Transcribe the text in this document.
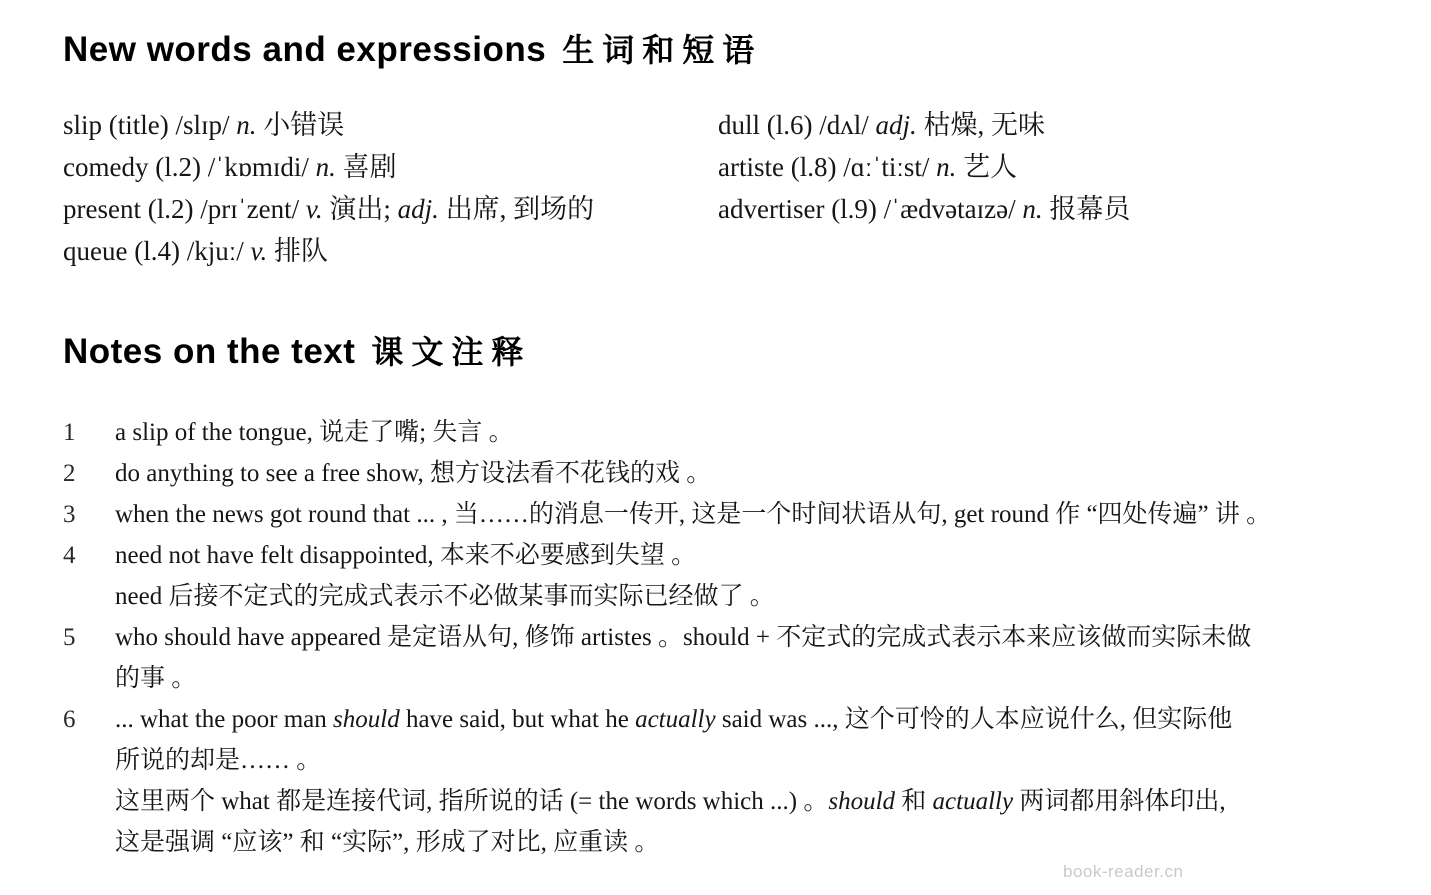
New words and expressions 生词和短语

slip (title) /slɪp/ n. 小错误

comedy (l.2) /ˈkɒmɪdi/ n. 喜剧

present (l.2) /prɪˈzent/ v. 演出; adj. 出席, 到场的

queue (l.4) /kjuː/ v. 排队

dull (l.6) /dʌl/ adj. 枯燥, 无味

artiste (l.8) /ɑːˈtiːst/ n. 艺人

advertiser (l.9) /ˈædvətaɪzə/ n. 报幕员

Notes on the text 课文注释
1	a slip of the tongue, 说走了嘴; 失言 。

2	do anything to see a free show, 想方设法看不花钱的戏 。

3	when the news got round that ... , 当……的消息一传开, 这是一个时间状语从句, get round 作 “四处传遍” 讲 。

4	need not have felt disappointed, 本来不必要感到失望 。

need 后接不定式的完成式表示不必做某事而实际已经做了 。

5	who should have appeared 是定语从句, 修饰 artistes 。should + 不定式的完成式表示本来应该做而实际未做

的事 。

6	... what the poor man should have said, but what he actually said was ..., 这个可怜的人本应说什么, 但实际他

所说的却是…… 。

这里两个 what 都是连接代词, 指所说的话 (= the words which ...) 。should 和 actually 两词都用斜体印出,

这是强调 “应该” 和 “实际”, 形成了对比, 应重读 。

book-reader.cn
